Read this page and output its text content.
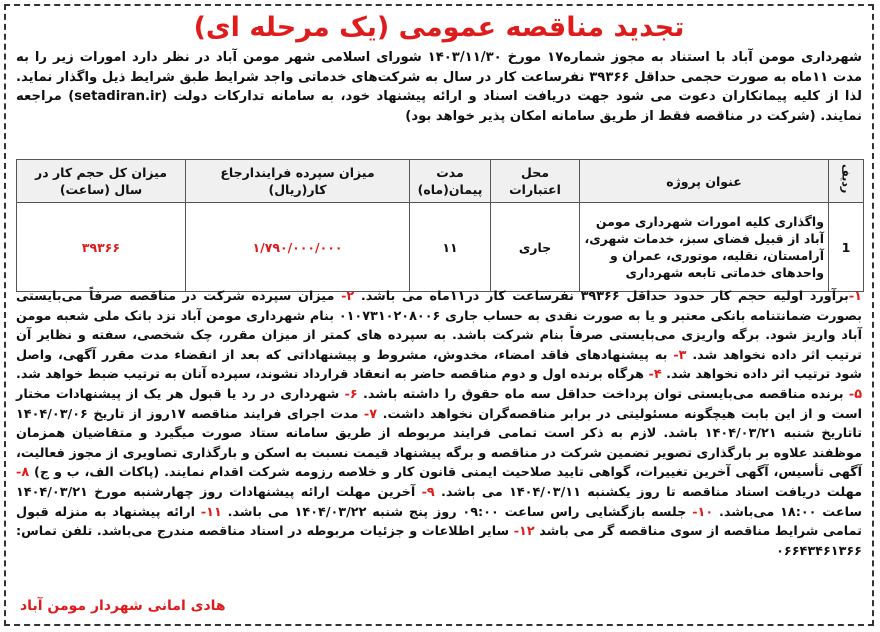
تجدید مناقصه عمومی (یک مرحله ای)
شهرداری مومن آباد با استناد به مجوز شماره۱۷ مورخ ۱۴۰۳/۱۱/۳۰ شورای اسلامی شهر مومن آباد در نظر دارد امورات زیر را به مدت ۱۱ماه به صورت حجمی حداقل ۳۹۳۶۶ نفرساعت کار در سال به شرکت‌های خدماتی واجد شرایط طبق شرایط ذیل واگذار نماید. لذا از کلیه پیمانکاران دعوت می شود جهت دریافت اسناد و ارائه پیشنهاد خود، به سامانه تدارکات دولت (setadiran.ir) مراجعه نمایند. (شرکت در مناقصه فقط از طریق سامانه امکان پذیر خواهد بود)
ردیف	عنوان پروژه	محل اعتبارات	مدت پیمان(ماه)	میزان سپرده فرایندارجاع کار(ریال)	میزان کل حجم کار در سال (ساعت)
1	واگذاری کلیه امورات شهرداری مومن آباد از قبیل فضای سبز، خدمات شهری، آرامستان، نقلیه، موتوری، عمران و واحدهای خدماتی تابعه شهرداری	جاری	۱۱	۱/۷۹۰/۰۰۰/۰۰۰	۳۹۳۶۶
۱-برآورد اولیه حجم کار حدود حداقل ۳۹۳۶۶ نفرساعت کار در۱۱ماه می باشد. ۲- میزان سپرده شرکت در مناقصه صرفاً می‌بایستی بصورت ضمانتنامه بانکی معتبر و یا به صورت نقدی به حساب جاری ۰۱۰۷۳۱۰۲۰۸۰۰۶ بنام شهرداری مومن آباد نزد بانک ملی شعبه مومن آباد واریز شود. برگه واریزی می‌بایستی صرفاً بنام شرکت باشد. به سپرده های کمتر از میزان مقرر، چک شخصی، سفته و نظایر آن ترتیب اثر داده نخواهد شد. ۳- به پیشنهادهای فاقد امضاء، مخدوش، مشروط و پیشنهاداتی که بعد از انقضاء مدت مقرر آگهی، واصل شود ترتیب اثر داده نخواهد شد. ۴- هرگاه برنده اول و دوم مناقصه حاضر به انعقاد قرارداد نشوند، سپرده آنان به ترتیب ضبط خواهد شد. ۵- برنده مناقصه می‌بایستی توان پرداخت حداقل سه ماه حقوق را داشته باشد. ۶- شهرداری در رد یا قبول هر یک از پیشنهادات مختار است و از این بابت هیچگونه مسئولیتی در برابر مناقصه‌گران نخواهد داشت. ۷- مدت اجرای فرایند مناقصه ۱۷روز از تاریخ ۱۴۰۴/۰۳/۰۶ تاتاریخ شنبه ۱۴۰۴/۰۳/۲۱ باشد. لازم به ذکر است تمامی فرایند مربوطه از طریق سامانه ستاد صورت میگیرد و متقاضیان همزمان موظفند علاوه بر بارگذاری تصویر تضمین شرکت در مناقصه و برگه پیشنهاد قیمت نسبت به اسکن و بارگذاری تصاویری از مجوز فعالیت، آگهی تأسیس، آگهی آخرین تغییرات، گواهی تایید صلاحیت ایمنی قانون کار و خلاصه رزومه شرکت اقدام نمایند. (پاکات الف، ب و ج) ۸- مهلت دریافت اسناد مناقصه تا روز یکشنبه ۱۴۰۴/۰۳/۱۱ می باشد. ۹- آخرین مهلت ارائه پیشنهادات روز چهارشنبه مورخ ۱۴۰۴/۰۳/۲۱ ساعت ۱۸:۰۰ می‌باشد. ۱۰- جلسه بازگشایی راس ساعت ۰۹:۰۰ روز پنج شنبه ۱۴۰۴/۰۳/۲۲ می باشد. ۱۱- ارائه پیشنهاد به منزله قبول تمامی شرایط مناقصه از سوی مناقصه گر می باشد ۱۲- سایر اطلاعات و جزئیات مربوطه در اسناد مناقصه مندرج می‌باشد. تلفن تماس: ۰۶۶۴۳۴۶۱۳۶۶
هادی امانی شهردار مومن آباد
